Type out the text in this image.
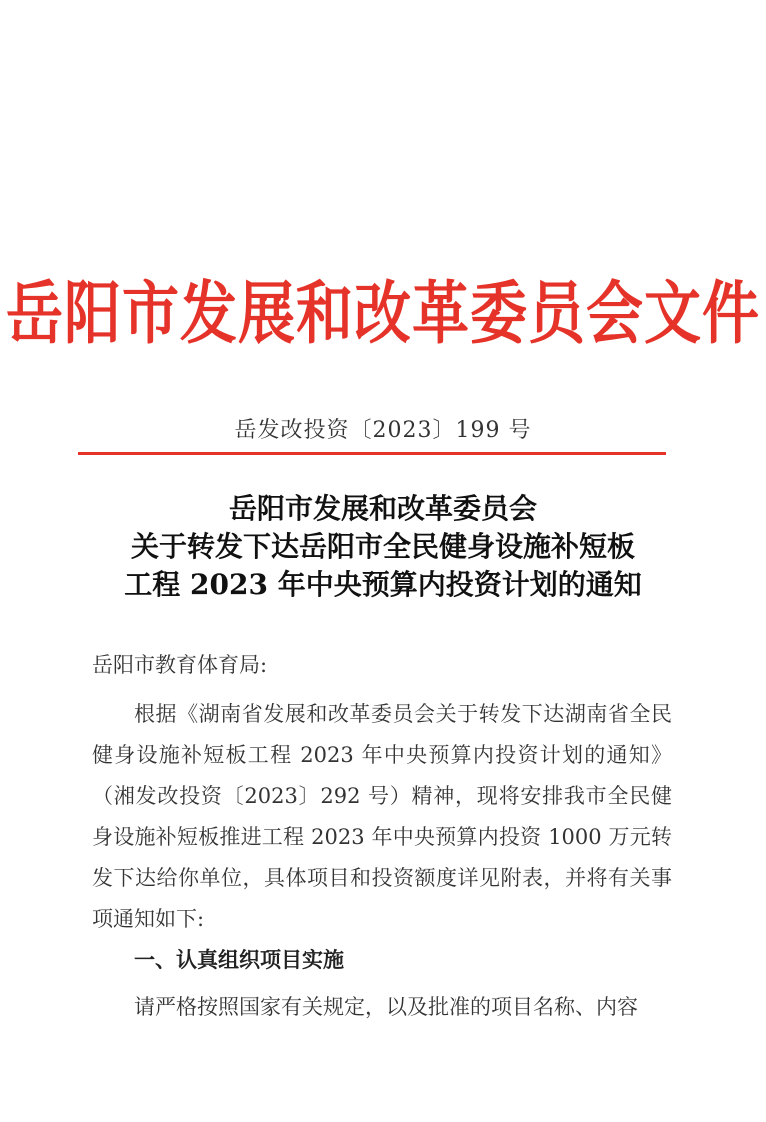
岳阳市发展和改革委员会文件
岳发改投资〔2023〕199 号
岳阳市发展和改革委员会
关于转发下达岳阳市全民健身设施补短板
工程 2023 年中央预算内投资计划的通知

岳阳市教育体育局:

根据《湖南省发展和改革委员会关于转发下达湖南省全民健身设施补短板工程 2023 年中央预算内投资计划的通知》（湘发改投资〔2023〕292 号）精神，现将安排我市全民健身设施补短板推进工程 2023 年中央预算内投资 1000 万元转发下达给你单位，具体项目和投资额度详见附表，并将有关事项通知如下:

一、认真组织项目实施

请严格按照国家有关规定，以及批准的项目名称、内容
